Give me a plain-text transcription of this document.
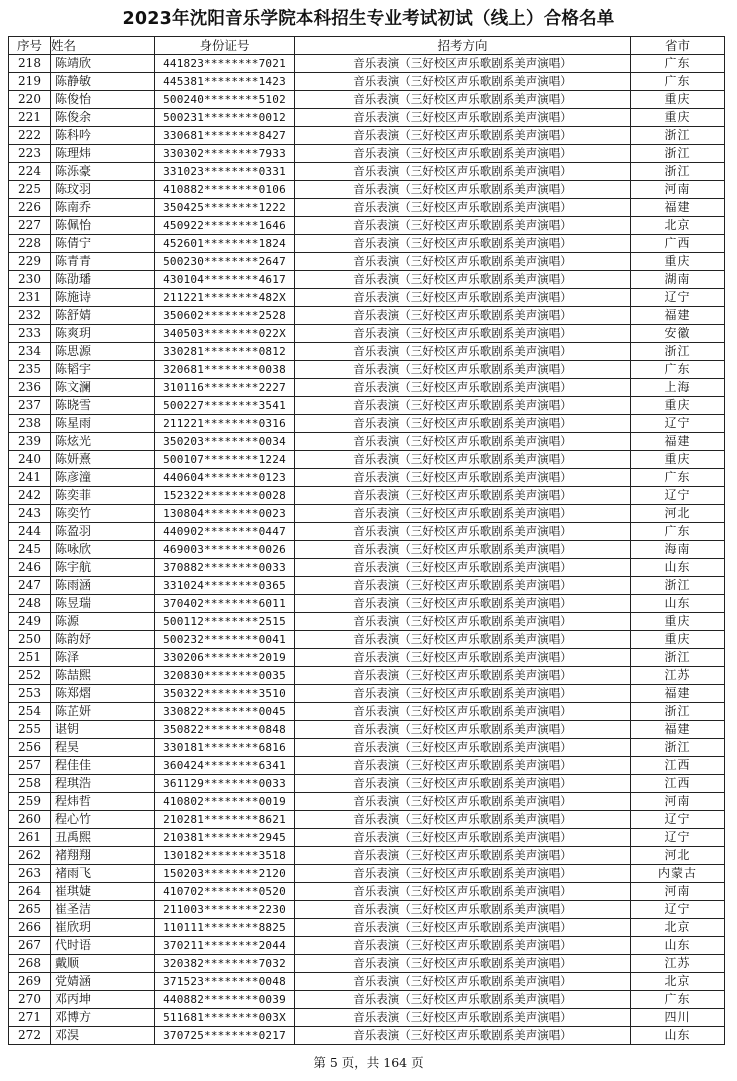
2023年沈阳音乐学院本科招生专业考试初试（线上）合格名单
序号	姓名	身份证号	招考方向	省市
218	陈靖欣	441823********7021	音乐表演（三好校区声乐歌剧系美声演唱）	广东
219	陈静敏	445381********1423	音乐表演（三好校区声乐歌剧系美声演唱）	广东
220	陈俊怡	500240********5102	音乐表演（三好校区声乐歌剧系美声演唱）	重庆
221	陈俊余	500231********0012	音乐表演（三好校区声乐歌剧系美声演唱）	重庆
222	陈科吟	330681********8427	音乐表演（三好校区声乐歌剧系美声演唱）	浙江
223	陈理炜	330302********7933	音乐表演（三好校区声乐歌剧系美声演唱）	浙江
224	陈泺豪	331023********0331	音乐表演（三好校区声乐歌剧系美声演唱）	浙江
225	陈玟羽	410882********0106	音乐表演（三好校区声乐歌剧系美声演唱）	河南
226	陈南乔	350425********1222	音乐表演（三好校区声乐歌剧系美声演唱）	福建
227	陈佩怡	450922********1646	音乐表演（三好校区声乐歌剧系美声演唱）	北京
228	陈倩宁	452601********1824	音乐表演（三好校区声乐歌剧系美声演唱）	广西
229	陈青青	500230********2647	音乐表演（三好校区声乐歌剧系美声演唱）	重庆
230	陈劭璠	430104********4617	音乐表演（三好校区声乐歌剧系美声演唱）	湖南
231	陈施诗	211221********482X	音乐表演（三好校区声乐歌剧系美声演唱）	辽宁
232	陈舒婧	350602********2528	音乐表演（三好校区声乐歌剧系美声演唱）	福建
233	陈爽玥	340503********022X	音乐表演（三好校区声乐歌剧系美声演唱）	安徽
234	陈思源	330281********0812	音乐表演（三好校区声乐歌剧系美声演唱）	浙江
235	陈韬宇	320681********0038	音乐表演（三好校区声乐歌剧系美声演唱）	广东
236	陈文澜	310116********2227	音乐表演（三好校区声乐歌剧系美声演唱）	上海
237	陈晓雪	500227********3541	音乐表演（三好校区声乐歌剧系美声演唱）	重庆
238	陈星雨	211221********0316	音乐表演（三好校区声乐歌剧系美声演唱）	辽宁
239	陈炫光	350203********0034	音乐表演（三好校区声乐歌剧系美声演唱）	福建
240	陈妍熹	500107********1224	音乐表演（三好校区声乐歌剧系美声演唱）	重庆
241	陈彦潼	440604********0123	音乐表演（三好校区声乐歌剧系美声演唱）	广东
242	陈奕菲	152322********0028	音乐表演（三好校区声乐歌剧系美声演唱）	辽宁
243	陈奕竹	130804********0023	音乐表演（三好校区声乐歌剧系美声演唱）	河北
244	陈盈羽	440902********0447	音乐表演（三好校区声乐歌剧系美声演唱）	广东
245	陈咏欣	469003********0026	音乐表演（三好校区声乐歌剧系美声演唱）	海南
246	陈宇航	370882********0033	音乐表演（三好校区声乐歌剧系美声演唱）	山东
247	陈雨涵	331024********0365	音乐表演（三好校区声乐歌剧系美声演唱）	浙江
248	陈昱瑞	370402********6011	音乐表演（三好校区声乐歌剧系美声演唱）	山东
249	陈源	500112********2515	音乐表演（三好校区声乐歌剧系美声演唱）	重庆
250	陈韵妤	500232********0041	音乐表演（三好校区声乐歌剧系美声演唱）	重庆
251	陈泽	330206********2019	音乐表演（三好校区声乐歌剧系美声演唱）	浙江
252	陈喆熙	320830********0035	音乐表演（三好校区声乐歌剧系美声演唱）	江苏
253	陈郑熠	350322********3510	音乐表演（三好校区声乐歌剧系美声演唱）	福建
254	陈芷妍	330822********0045	音乐表演（三好校区声乐歌剧系美声演唱）	浙江
255	谌钥	350822********0848	音乐表演（三好校区声乐歌剧系美声演唱）	福建
256	程昊	330181********6816	音乐表演（三好校区声乐歌剧系美声演唱）	浙江
257	程佳佳	360424********6341	音乐表演（三好校区声乐歌剧系美声演唱）	江西
258	程琪浩	361129********0033	音乐表演（三好校区声乐歌剧系美声演唱）	江西
259	程炜哲	410802********0019	音乐表演（三好校区声乐歌剧系美声演唱）	河南
260	程心竹	210281********8621	音乐表演（三好校区声乐歌剧系美声演唱）	辽宁
261	丑禹熙	210381********2945	音乐表演（三好校区声乐歌剧系美声演唱）	辽宁
262	褚翔翔	130182********3518	音乐表演（三好校区声乐歌剧系美声演唱）	河北
263	褚雨飞	150203********2120	音乐表演（三好校区声乐歌剧系美声演唱）	内蒙古
264	崔琪婕	410702********0520	音乐表演（三好校区声乐歌剧系美声演唱）	河南
265	崔圣洁	211003********2230	音乐表演（三好校区声乐歌剧系美声演唱）	辽宁
266	崔欣玥	110111********8825	音乐表演（三好校区声乐歌剧系美声演唱）	北京
267	代时语	370211********2044	音乐表演（三好校区声乐歌剧系美声演唱）	山东
268	戴顺	320382********7032	音乐表演（三好校区声乐歌剧系美声演唱）	江苏
269	党婧涵	371523********0048	音乐表演（三好校区声乐歌剧系美声演唱）	北京
270	邓丙坤	440882********0039	音乐表演（三好校区声乐歌剧系美声演唱）	广东
271	邓博方	511681********003X	音乐表演（三好校区声乐歌剧系美声演唱）	四川
272	邓淏	370725********0217	音乐表演（三好校区声乐歌剧系美声演唱）	山东
第 5 页，共 164 页
